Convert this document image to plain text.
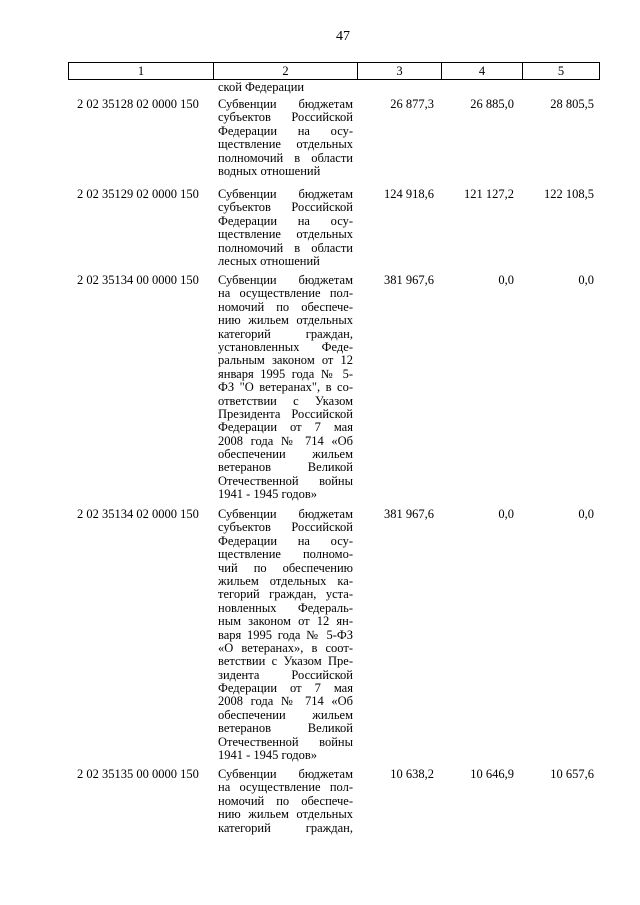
47
1	2	3	4	5
ской Федерации
2 02 35128 02 0000 150 Субвенции бюджетам
субъектов Российской
Федерации на осу-
ществление отдельных
полномочий в области
водных отношений
26 877,3	26 885,0	28 805,5
2 02 35129 02 0000 150 Субвенции бюджетам
субъектов Российской
Федерации на осу-
ществление отдельных
полномочий в области
лесных отношений
124 918,6	121 127,2	122 108,5
2 02 35134 00 0000 150 Субвенции бюджетам
на осуществление пол-
номочий по обеспече-
нию жильем отдельных
категорий граждан,
установленных Феде-
ральным законом от 12
января 1995 года № 5-
ФЗ "О ветеранах", в со-
ответствии с Указом
Президента Российской
Федерации от 7 мая
2008 года № 714 «Об
обеспечении жильем
ветеранов Великой
Отечественной войны
1941 - 1945 годов»
381 967,6	0,0	0,0
2 02 35134 02 0000 150 Субвенции бюджетам
субъектов Российской
Федерации на осу-
ществление полномо-
чий по обеспечению
жильем отдельных ка-
тегорий граждан, уста-
новленных Федераль-
ным законом от 12 ян-
варя 1995 года № 5-ФЗ
«О ветеранах», в соот-
ветствии с Указом Пре-
зидента Российской
Федерации от 7 мая
2008 года № 714 «Об
обеспечении жильем
ветеранов Великой
Отечественной войны
1941 - 1945 годов»
381 967,6	0,0	0,0
2 02 35135 00 0000 150 Субвенции бюджетам
на осуществление пол-
номочий по обеспече-
нию жильем отдельных
категорий граждан,
10 638,2	10 646,9	10 657,6
